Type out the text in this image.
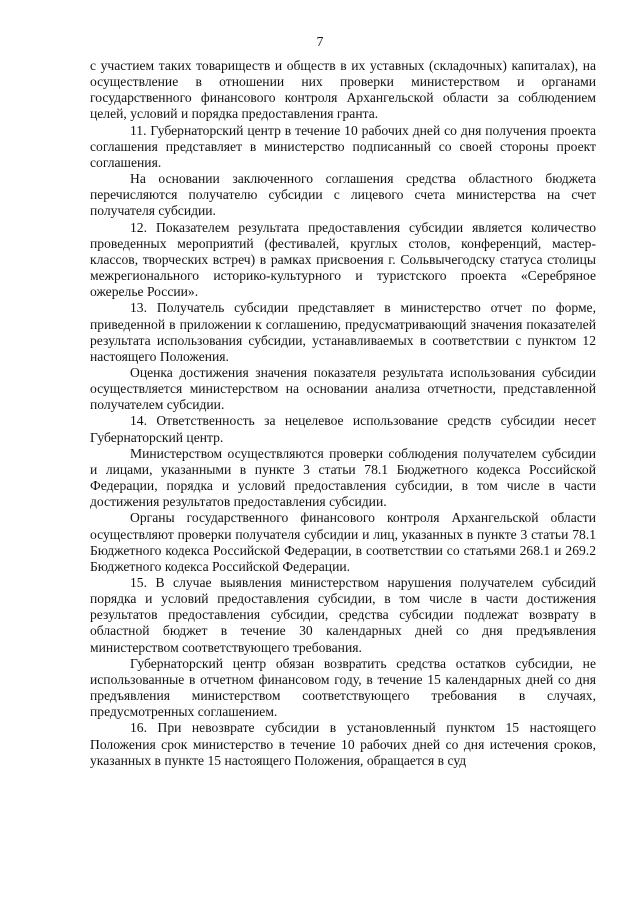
7

с участием таких товариществ и обществ в их уставных (складочных) капиталах), на осуществление в отношении них проверки министерством и органами государственного финансового контроля Архангельской области за соблюдением целей, условий и порядка предоставления гранта.

11. Губернаторский центр в течение 10 рабочих дней со дня получения проекта соглашения представляет в министерство подписанный со своей стороны проект соглашения.

На основании заключенного соглашения средства областного бюджета перечисляются получателю субсидии с лицевого счета министерства на счет получателя субсидии.

12. Показателем результата предоставления субсидии является количество проведенных мероприятий (фестивалей, круглых столов, конференций, мастер-классов, творческих встреч) в рамках присвоения г. Сольвычегодску статуса столицы межрегионального историко-культурного и туристского проекта «Серебряное ожерелье России».

13. Получатель субсидии представляет в министерство отчет по форме, приведенной в приложении к соглашению, предусматривающий значения показателей результата использования субсидии, устанавливаемых в соответствии с пунктом 12 настоящего Положения.

Оценка достижения значения показателя результата использования субсидии осуществляется министерством на основании анализа отчетности, представленной получателем субсидии.

14. Ответственность за нецелевое использование средств субсидии несет Губернаторский центр.

Министерством осуществляются проверки соблюдения получателем субсидии и лицами, указанными в пункте 3 статьи 78.1 Бюджетного кодекса Российской Федерации, порядка и условий предоставления субсидии, в том числе в части достижения результатов предоставления субсидии.

Органы государственного финансового контроля Архангельской области осуществляют проверки получателя субсидии и лиц, указанных в пункте 3 статьи 78.1 Бюджетного кодекса Российской Федерации, в соответствии со статьями 268.1 и 269.2 Бюджетного кодекса Российской Федерации.

15. В случае выявления министерством нарушения получателем субсидий порядка и условий предоставления субсидии, в том числе в части достижения результатов предоставления субсидии, средства субсидии подлежат возврату в областной бюджет в течение 30 календарных дней со дня предъявления министерством соответствующего требования.

Губернаторский центр обязан возвратить средства остатков субсидии, не использованные в отчетном финансовом году, в течение 15 календарных дней со дня предъявления министерством соответствующего требования в случаях, предусмотренных соглашением.

16. При невозврате субсидии в установленный пунктом 15 настоящего Положения срок министерство в течение 10 рабочих дней со дня истечения сроков, указанных в пункте 15 настоящего Положения, обращается в суд
